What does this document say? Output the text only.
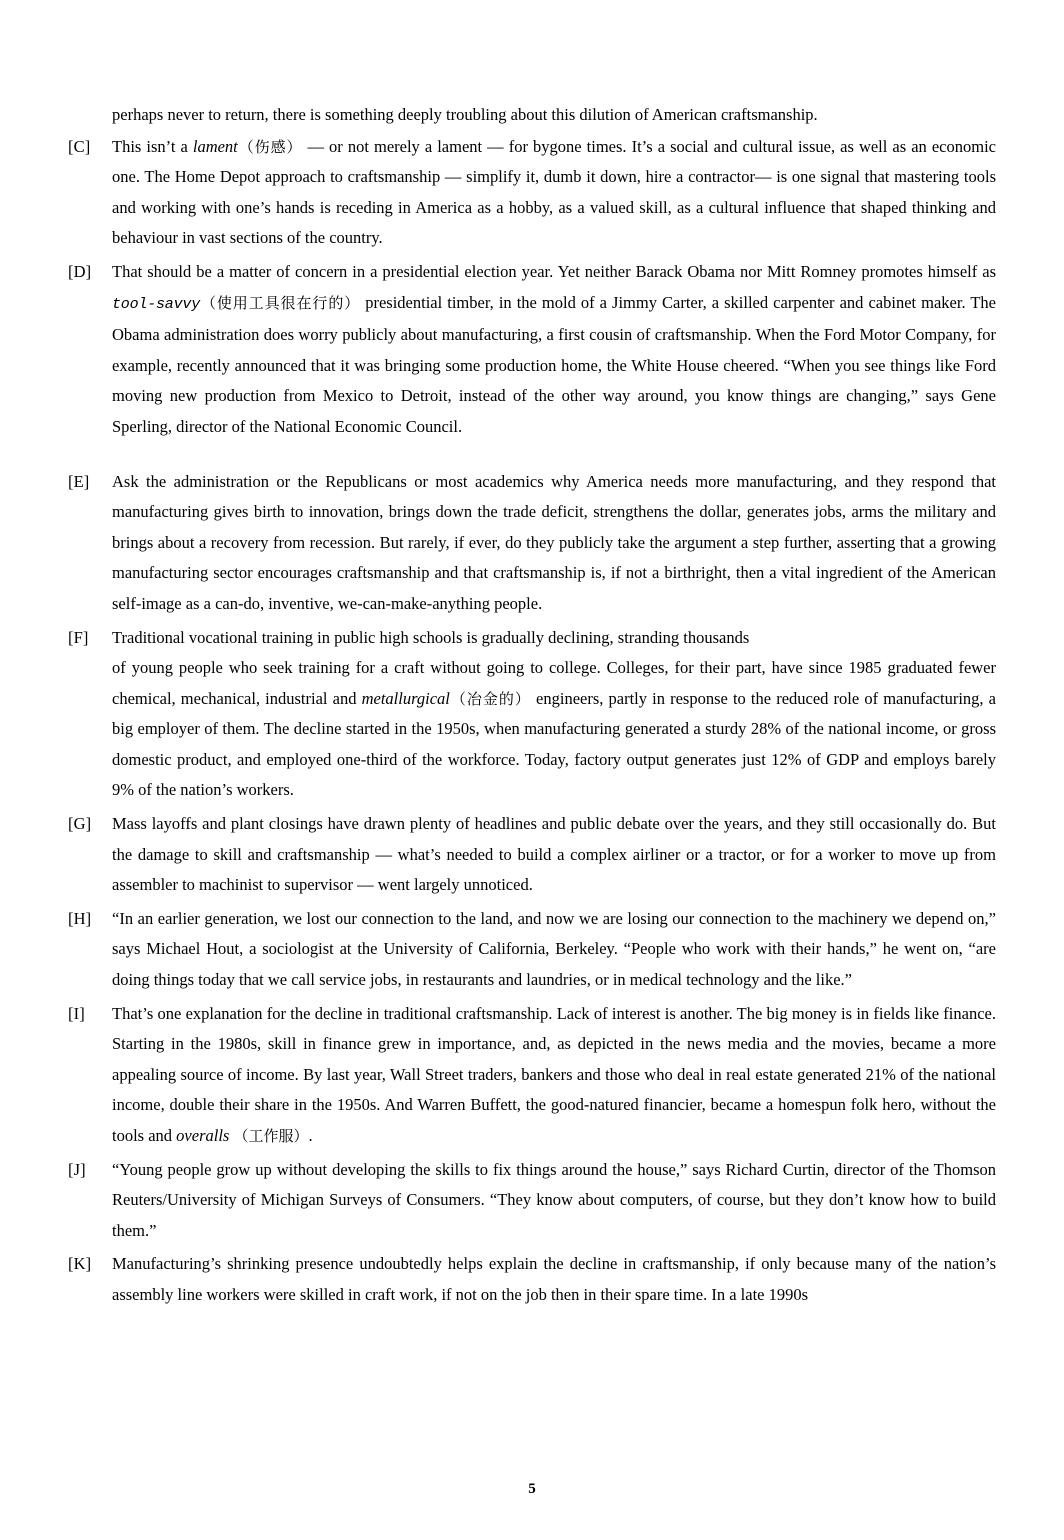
perhaps never to return, there is something deeply troubling about this dilution of American craftsmanship.
[C]	This isn’t a lament（伤感） — or not merely a lament — for bygone times. It’s a social and cultural issue, as well as an economic one. The Home Depot approach to craftsmanship — simplify it, dumb it down, hire a contractor— is one signal that mastering tools and working with one’s hands is receding in America as a hobby, as a valued skill, as a cultural influence that shaped thinking and behaviour in vast sections of the country.
[D]	That should be a matter of concern in a presidential election year. Yet neither Barack Obama nor Mitt Romney promotes himself as tool-savvy（使用工具很在行的） presidential timber, in the mold of a Jimmy Carter, a skilled carpenter and cabinet maker. The Obama administration does worry publicly about manufacturing, a first cousin of craftsmanship. When the Ford Motor Company, for example, recently announced that it was bringing some production home, the White House cheered. “When you see things like Ford moving new production from Mexico to Detroit, instead of the other way around, you know things are changing,” says Gene Sperling, director of the National Economic Council.
[E]	Ask the administration or the Republicans or most academics why America needs more manufacturing, and they respond that manufacturing gives birth to innovation, brings down the trade deficit, strengthens the dollar, generates jobs, arms the military and brings about a recovery from recession. But rarely, if ever, do they publicly take the argument a step further, asserting that a growing manufacturing sector encourages craftsmanship and that craftsmanship is, if not a birthright, then a vital ingredient of the American self-image as a can-do, inventive, we-can-make-anything people.
[F]	Traditional vocational training in public high schools is gradually declining, stranding thousands
of young people who seek training for a craft without going to college. Colleges, for their part, have since 1985 graduated fewer chemical, mechanical, industrial and metallurgical（冶金的） engineers, partly in response to the reduced role of manufacturing, a big employer of them. The decline started in the 1950s, when manufacturing generated a sturdy 28% of the national income, or gross domestic product, and employed one-third of the workforce. Today, factory output generates just 12% of GDP and employs barely 9% of the nation’s workers.
[G]	Mass layoffs and plant closings have drawn plenty of headlines and public debate over the years, and they still occasionally do. But the damage to skill and craftsmanship — what’s needed to build a complex airliner or a tractor, or for a worker to move up from assembler to machinist to supervisor — went largely unnoticed.
[H]	“In an earlier generation, we lost our connection to the land, and now we are losing our connection to the machinery we depend on,” says Michael Hout, a sociologist at the University of California, Berkeley. “People who work with their hands,” he went on, “are doing things today that we call service jobs, in restaurants and laundries, or in medical technology and the like.”
[I]	That’s one explanation for the decline in traditional craftsmanship. Lack of interest is another. The big money is in fields like finance. Starting in the 1980s, skill in finance grew in importance, and, as depicted in the news media and the movies, became a more appealing source of income. By last year, Wall Street traders, bankers and those who deal in real estate generated 21% of the national income, double their share in the 1950s. And Warren Buffett, the good-natured financier, became a homespun folk hero, without the tools and overalls （工作服）.
[J]	“Young people grow up without developing the skills to fix things around the house,” says Richard Curtin, director of the Thomson Reuters/University of Michigan Surveys of Consumers. “They know about computers, of course, but they don’t know how to build them.”
[K]	Manufacturing’s shrinking presence undoubtedly helps explain the decline in craftsmanship, if only because many of the nation’s assembly line workers were skilled in craft work, if not on the job then in their spare time. In a late 1990s
5
